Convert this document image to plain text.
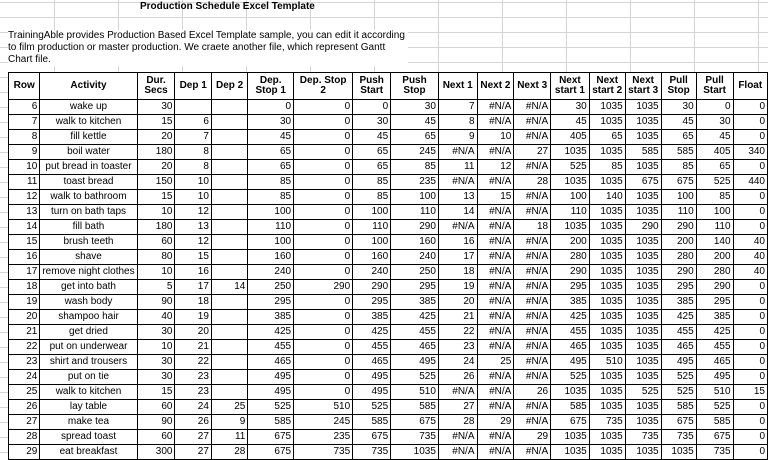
Production Schedule Excel Template
TrainingAble provides Production Based Excel Template sample, you can edit it according to film production or master production. We craete another file, which represent Gantt Chart file.
Row	Activity	Dur. Secs	Dep 1	Dep 2	Dep. Stop 1	Dep. Stop 2	Push Start	Push Stop	Next 1	Next 2	Next 3	Next start 1	Next start 2	Next start 3	Pull Stop	Pull Start	Float
6	wake up	30			0	0	0	30	7	#N/A	#N/A	30	1035	1035	30	0	0
7	walk to kitchen	15	6		30	0	30	45	8	#N/A	#N/A	45	1035	1035	45	30	0
8	fill kettle	20	7		45	0	45	65	9	10	#N/A	405	65	1035	65	45	0
9	boil water	180	8		65	0	65	245	#N/A	#N/A	27	1035	1035	585	585	405	340
10	put bread in toaster	20	8		65	0	65	85	11	12	#N/A	525	85	1035	85	65	0
11	toast bread	150	10		85	0	85	235	#N/A	#N/A	28	1035	1035	675	675	525	440
12	walk to bathroom	15	10		85	0	85	100	13	15	#N/A	100	140	1035	100	85	0
13	turn on bath taps	10	12		100	0	100	110	14	#N/A	#N/A	110	1035	1035	110	100	0
14	fill bath	180	13		110	0	110	290	#N/A	#N/A	18	1035	1035	290	290	110	0
15	brush teeth	60	12		100	0	100	160	16	#N/A	#N/A	200	1035	1035	200	140	40
16	shave	80	15		160	0	160	240	17	#N/A	#N/A	280	1035	1035	280	200	40
17	remove night clothes	10	16		240	0	240	250	18	#N/A	#N/A	290	1035	1035	290	280	40
18	get into bath	5	17	14	250	290	290	295	19	#N/A	#N/A	295	1035	1035	295	290	0
19	wash body	90	18		295	0	295	385	20	#N/A	#N/A	385	1035	1035	385	295	0
20	shampoo hair	40	19		385	0	385	425	21	#N/A	#N/A	425	1035	1035	425	385	0
21	get dried	30	20		425	0	425	455	22	#N/A	#N/A	455	1035	1035	455	425	0
22	put on underwear	10	21		455	0	455	465	23	#N/A	#N/A	465	1035	1035	465	455	0
23	shirt and trousers	30	22		465	0	465	495	24	25	#N/A	495	510	1035	495	465	0
24	put on tie	30	23		495	0	495	525	26	#N/A	#N/A	525	1035	1035	525	495	0
25	walk to kitchen	15	23		495	0	495	510	#N/A	#N/A	26	1035	1035	525	525	510	15
26	lay table	60	24	25	525	510	525	585	27	#N/A	#N/A	585	1035	1035	585	525	0
27	make tea	90	26	9	585	245	585	675	28	29	#N/A	675	735	1035	675	585	0
28	spread toast	60	27	11	675	235	675	735	#N/A	#N/A	29	1035	1035	735	735	675	0
29	eat breakfast	300	27	28	675	735	735	1035	#N/A	#N/A	#N/A	1035	1035	1035	1035	735	0
